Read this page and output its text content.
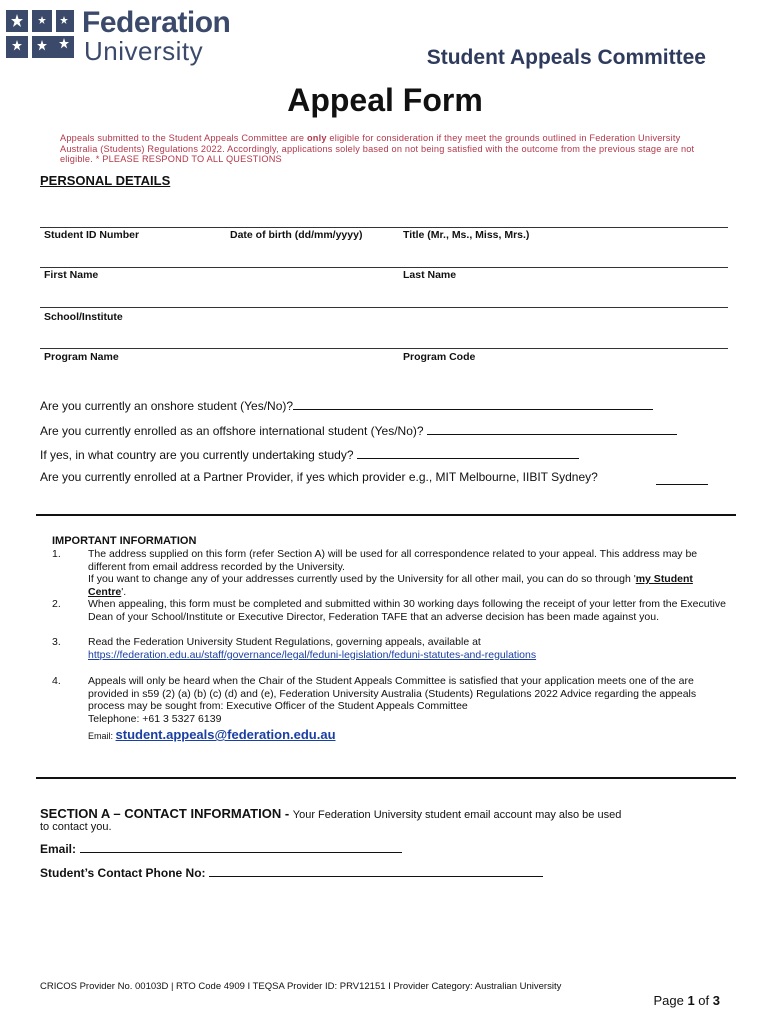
Federation
University	Student Appeals Committee
Appeal Form
Appeals submitted to the Student Appeals Committee are only eligible for consideration if they meet the grounds outlined in Federation University Australia (Students) Regulations 2022. Accordingly, applications solely based on not being satisfied with the outcome from the previous stage are not eligible. * PLEASE RESPOND TO ALL QUESTIONS
PERSONAL DETAILS
Student ID Number	Date of birth (dd/mm/yyyy)	Title (Mr., Ms., Miss, Mrs.)
First Name	Last Name
School/Institute
Program Name	Program Code
Are you currently an onshore student (Yes/No)?
Are you currently enrolled as an offshore international student (Yes/No)?
If yes, in what country are you currently undertaking study?
Are you currently enrolled at a Partner Provider, if yes which provider e.g., MIT Melbourne, IIBIT Sydney?
IMPORTANT INFORMATION
1.	The address supplied on this form (refer Section A) will be used for all correspondence related to your appeal. This address may be different from email address recorded by the University.
If you want to change any of your addresses currently used by the University for all other mail, you can do so through 'my Student Centre'.
2.	When appealing, this form must be completed and submitted within 30 working days following the receipt of your letter from the Executive Dean of your School/Institute or Executive Director, Federation TAFE that an adverse decision has been made against you.
3.	Read the Federation University Student Regulations, governing appeals, available at
https://federation.edu.au/staff/governance/legal/feduni-legislation/feduni-statutes-and-regulations
4.	Appeals will only be heard when the Chair of the Student Appeals Committee is satisfied that your application meets one of the are provided in s59 (2) (a) (b) (c) (d) and (e), Federation University Australia (Students) Regulations 2022 Advice regarding the appeals process may be sought from: Executive Officer of the Student Appeals Committee
Telephone: +61 3 5327 6139
Email: student.appeals@federation.edu.au
SECTION A – CONTACT INFORMATION - Your Federation University student email account may also be used
to contact you.
Email:
Student’s Contact Phone No:
CRICOS Provider No. 00103D | RTO Code 4909 I TEQSA Provider ID: PRV12151 I Provider Category: Australian University
Page 1 of 3
